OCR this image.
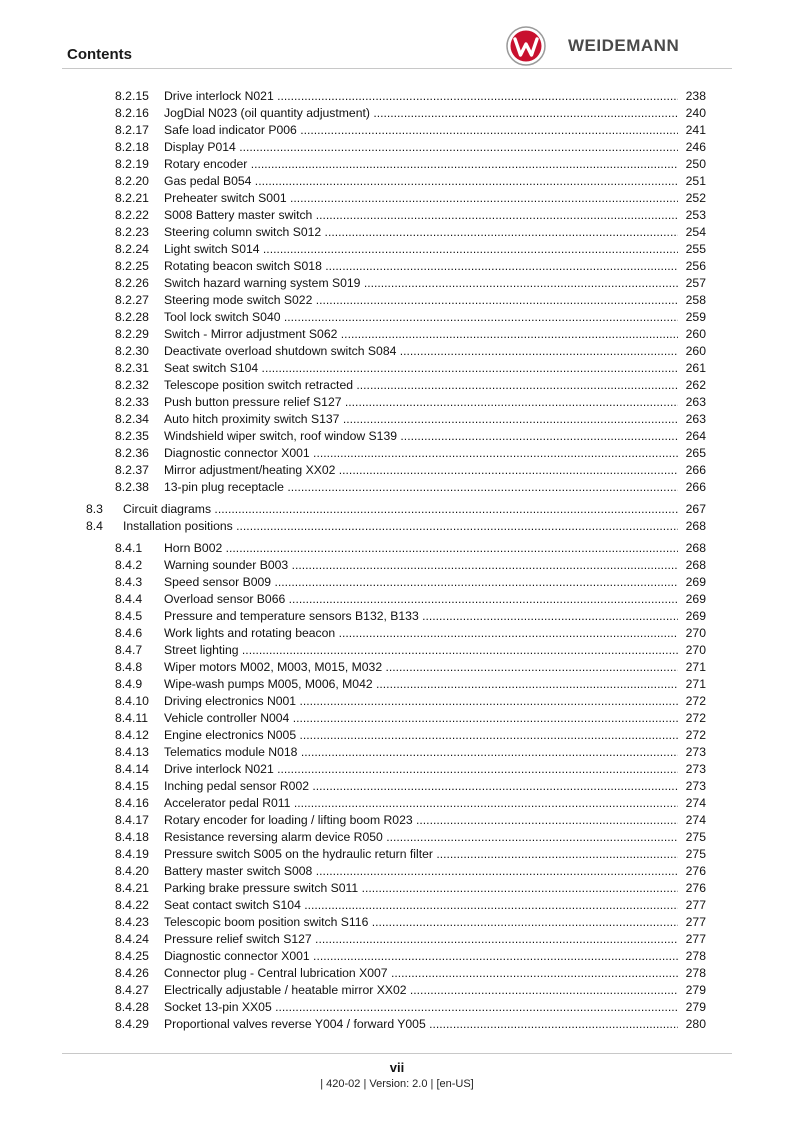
Contents	WEIDEMANN
8.2.15 Drive interlock N021 .....	238
8.2.16 JogDial N023 (oil quantity adjustment) .....	240
8.2.17 Safe load indicator P006 .....	241
8.2.18 Display P014 .....	246
8.2.19 Rotary encoder .....	250
8.2.20 Gas pedal B054 .....	251
8.2.21 Preheater switch S001 .....	252
8.2.22 S008 Battery master switch .....	253
8.2.23 Steering column switch S012 .....	254
8.2.24 Light switch S014 .....	255
8.2.25 Rotating beacon switch S018 .....	256
8.2.26 Switch hazard warning system S019 .....	257
8.2.27 Steering mode switch S022 .....	258
8.2.28 Tool lock switch S040 .....	259
8.2.29 Switch - Mirror adjustment S062 .....	260
8.2.30 Deactivate overload shutdown switch S084 .....	260
8.2.31 Seat switch S104 .....	261
8.2.32 Telescope position switch retracted .....	262
8.2.33 Push button pressure relief S127 .....	263
8.2.34 Auto hitch proximity switch S137 .....	263
8.2.35 Windshield wiper switch, roof window S139 .....	264
8.2.36 Diagnostic connector X001 .....	265
8.2.37 Mirror adjustment/heating XX02 .....	266
8.2.38 13-pin plug receptacle .....	266
8.3 Circuit diagrams .....	267
8.4 Installation positions .....	268
8.4.1 Horn B002 .....	268
8.4.2 Warning sounder B003 .....	268
8.4.3 Speed sensor B009 .....	269
8.4.4 Overload sensor B066 .....	269
8.4.5 Pressure and temperature sensors B132, B133 .....	269
8.4.6 Work lights and rotating beacon .....	270
8.4.7 Street lighting .....	270
8.4.8 Wiper motors M002, M003, M015, M032 .....	271
8.4.9 Wipe-wash pumps M005, M006, M042 .....	271
8.4.10 Driving electronics N001 .....	272
8.4.11 Vehicle controller N004 .....	272
8.4.12 Engine electronics N005 .....	272
8.4.13 Telematics module N018 .....	273
8.4.14 Drive interlock N021 .....	273
8.4.15 Inching pedal sensor R002 .....	273
8.4.16 Accelerator pedal R011 .....	274
8.4.17 Rotary encoder for loading / lifting boom R023 .....	274
8.4.18 Resistance reversing alarm device R050 .....	275
8.4.19 Pressure switch S005 on the hydraulic return filter .....	275
8.4.20 Battery master switch S008 .....	276
8.4.21 Parking brake pressure switch S011 .....	276
8.4.22 Seat contact switch S104 .....	277
8.4.23 Telescopic boom position switch S116 .....	277
8.4.24 Pressure relief switch S127 .....	277
8.4.25 Diagnostic connector X001 .....	278
8.4.26 Connector plug - Central lubrication X007 .....	278
8.4.27 Electrically adjustable / heatable mirror XX02 .....	279
8.4.28 Socket 13-pin XX05 .....	279
8.4.29 Proportional valves reverse Y004 / forward Y005 .....	280
vii
| 420-02 | Version: 2.0 | [en-US]
